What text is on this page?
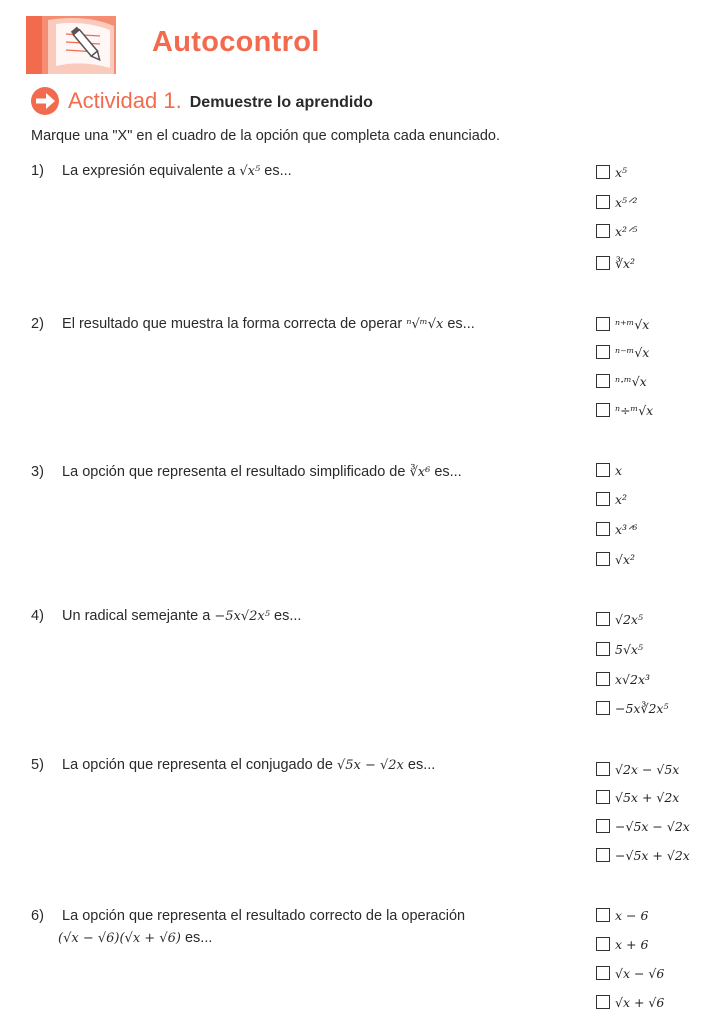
Autocontrol
Actividad 1. Demuestre lo aprendido
Marque una "X" en el cuadro de la opción que completa cada enunciado.
1) La expresión equivalente a √x⁵ es...	x⁵
x⁵ᐟ²
x²ᐟ⁵
∛x²
2) El resultado que muestra la forma correcta de operar ⁿ√ᵐ√x es...	ⁿ⁺ᵐ√x
ⁿ⁻ᵐ√x
ⁿ·ᵐ√x
ⁿ÷ᵐ√x
3) La opción que representa el resultado simplificado de ∛x⁶ es...	x
x²
x³ᐟ⁶
√x²
4) Un radical semejante a −5x√2x⁵ es...	√2x⁵
5√x⁵
x√2x³
−5x∛2x⁵
5) La opción que representa el conjugado de √5x − √2x es...	√2x − √5x
√5x + √2x
−√5x − √2x
−√5x + √2x
6) La opción que representa el resultado correcto de la operación
(√x − √6)(√x + √6) es...
x − 6
x + 6
√x − √6
√x + √6
